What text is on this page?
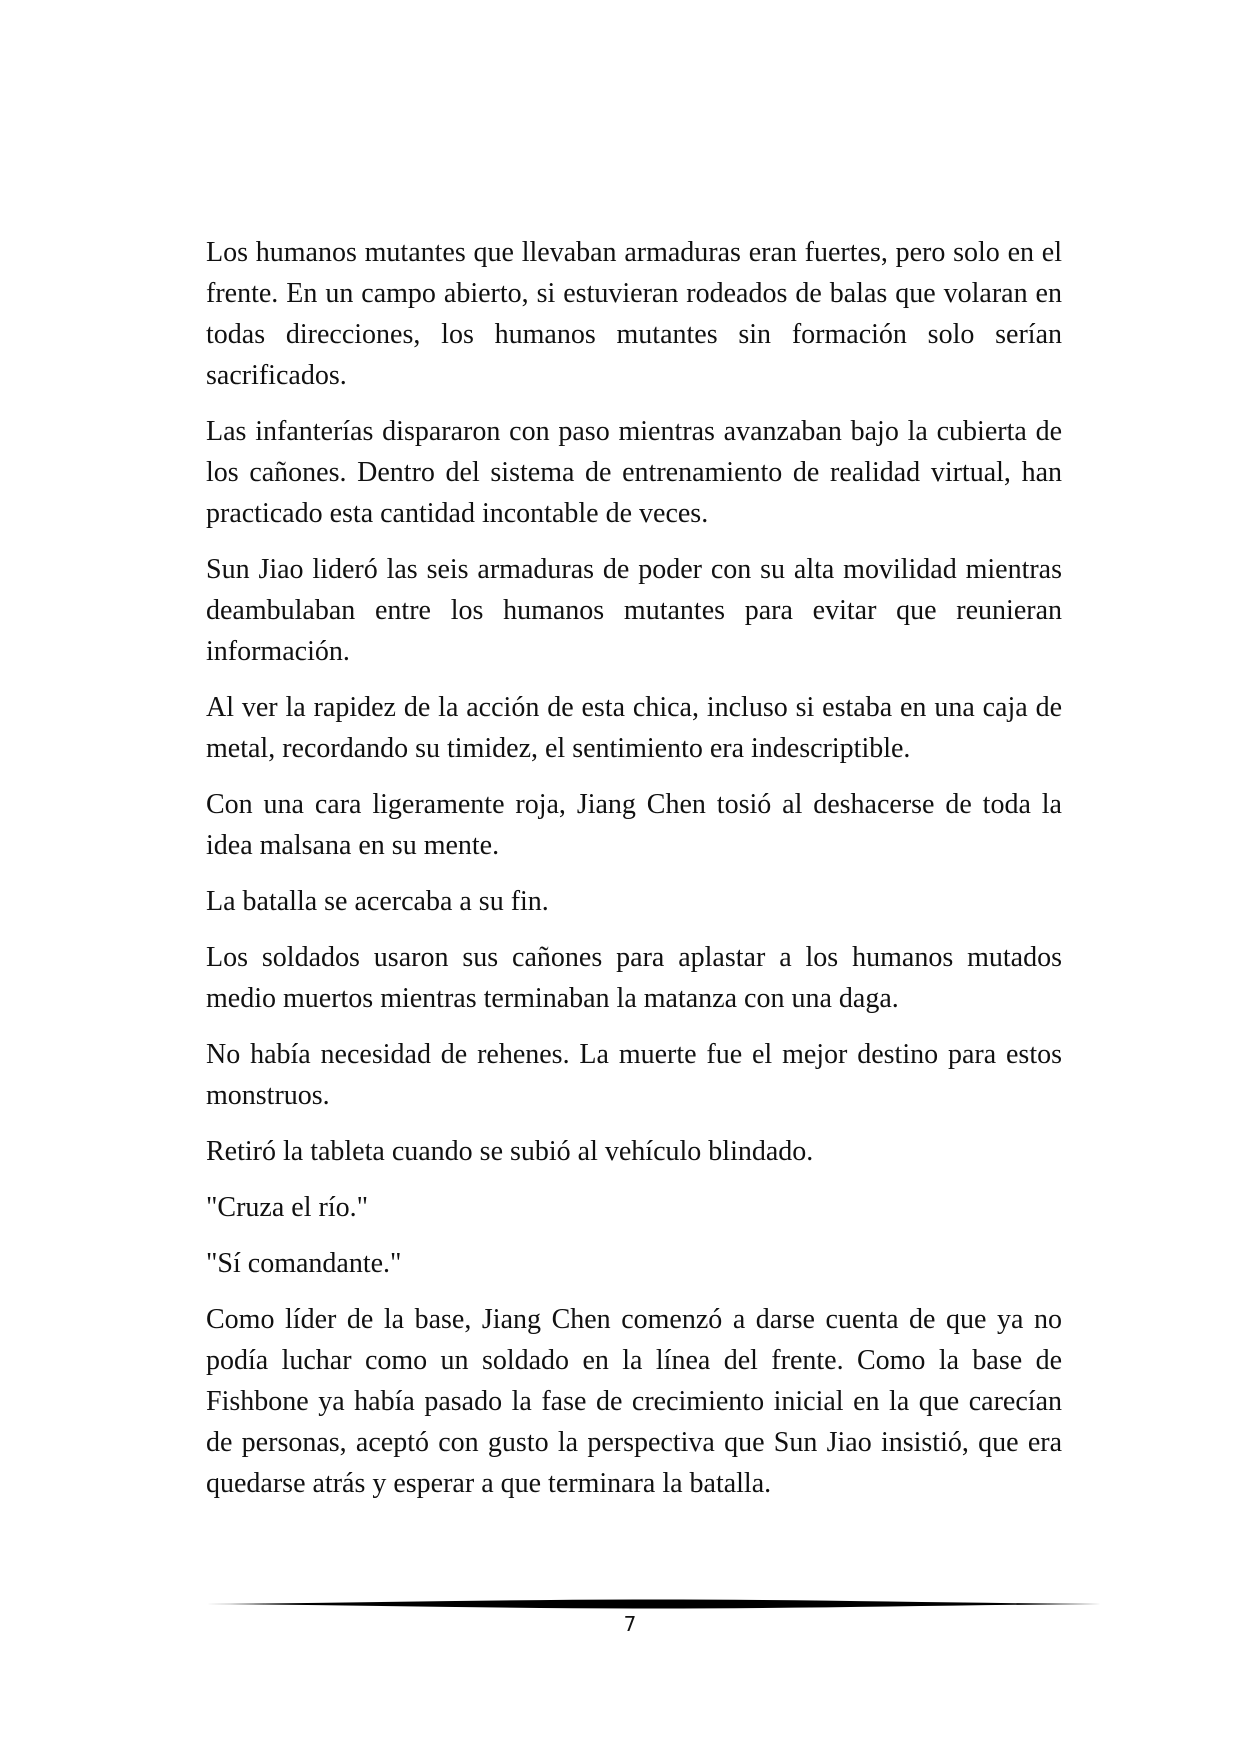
Los humanos mutantes que llevaban armaduras eran fuertes, pero solo en el frente. En un campo abierto, si estuvieran rodeados de balas que volaran en todas direcciones, los humanos mutantes sin formación solo serían sacrificados.

Las infanterías dispararon con paso mientras avanzaban bajo la cubierta de los cañones. Dentro del sistema de entrenamiento de realidad virtual, han practicado esta cantidad incontable de veces.

Sun Jiao lideró las seis armaduras de poder con su alta movilidad mientras deambulaban entre los humanos mutantes para evitar que reunieran información.

Al ver la rapidez de la acción de esta chica, incluso si estaba en una caja de metal, recordando su timidez, el sentimiento era indescriptible.

Con una cara ligeramente roja, Jiang Chen tosió al deshacerse de toda la idea malsana en su mente.

La batalla se acercaba a su fin.

Los soldados usaron sus cañones para aplastar a los humanos mutados medio muertos mientras terminaban la matanza con una daga.

No había necesidad de rehenes. La muerte fue el mejor destino para estos monstruos.

Retiró la tableta cuando se subió al vehículo blindado.

"Cruza el río."

"Sí comandante."

Como líder de la base, Jiang Chen comenzó a darse cuenta de que ya no podía luchar como un soldado en la línea del frente. Como la base de Fishbone ya había pasado la fase de crecimiento inicial en la que carecían de personas, aceptó con gusto la perspectiva que Sun Jiao insistió, que era quedarse atrás y esperar a que terminara la batalla.

7
